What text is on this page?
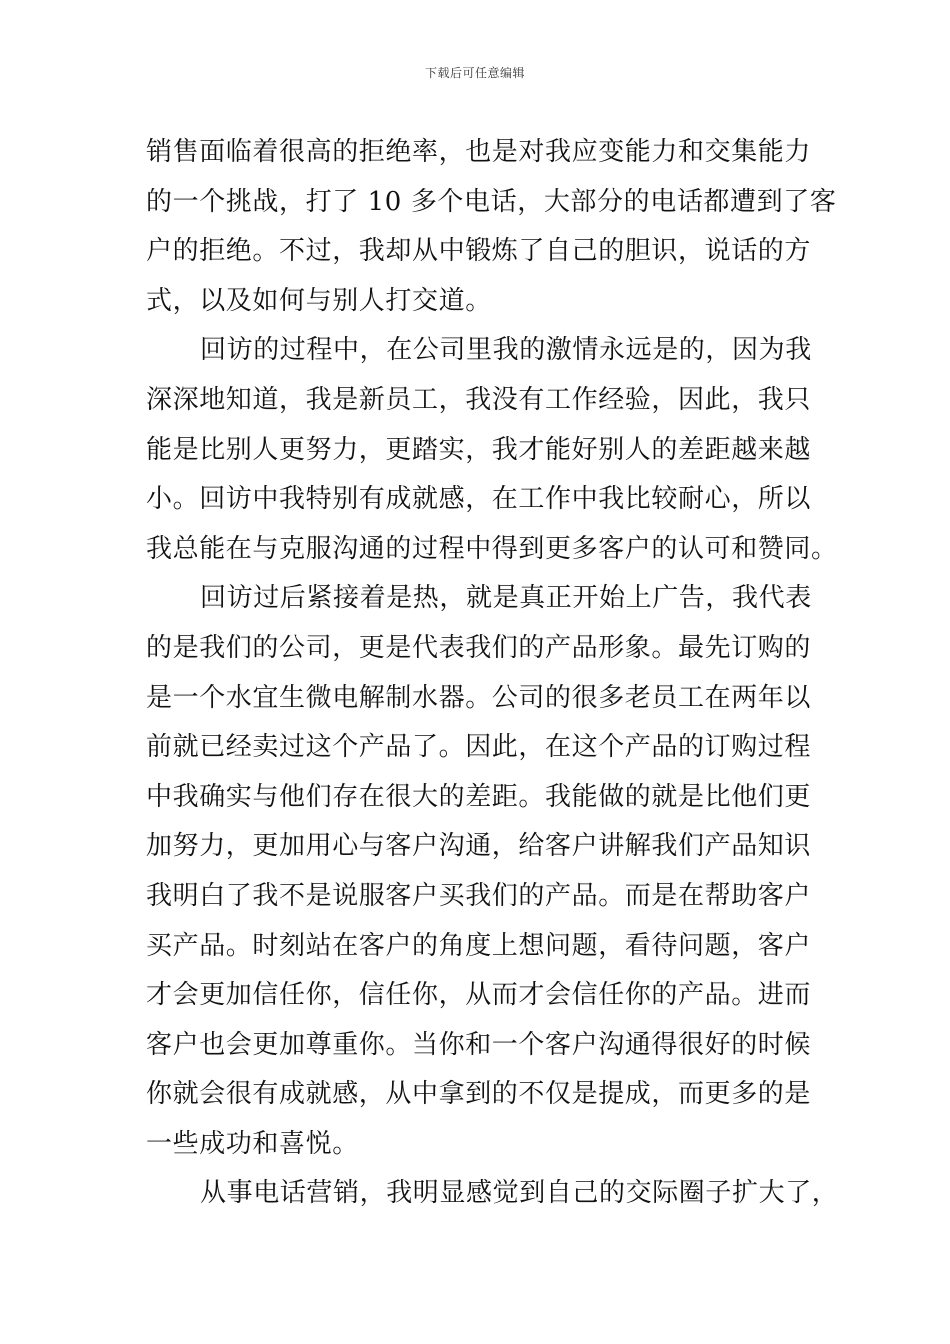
下载后可任意编辑
销售面临着很高的拒绝率，也是对我应变能力和交集能力
的一个挑战，打了 10 多个电话，大部分的电话都遭到了客
户的拒绝。不过，我却从中锻炼了自己的胆识，说话的方
式，以及如何与别人打交道。
回访的过程中，在公司里我的激情永远是的，因为我
深深地知道，我是新员工，我没有工作经验，因此，我只
能是比别人更努力，更踏实，我才能好别人的差距越来越
小。回访中我特别有成就感，在工作中我比较耐心，所以
我总能在与克服沟通的过程中得到更多客户的认可和赞同。
回访过后紧接着是热，就是真正开始上广告，我代表
的是我们的公司，更是代表我们的产品形象。最先订购的
是一个水宜生微电解制水器。公司的很多老员工在两年以
前就已经卖过这个产品了。因此，在这个产品的订购过程
中我确实与他们存在很大的差距。我能做的就是比他们更
加努力，更加用心与客户沟通，给客户讲解我们产品知识
我明白了我不是说服客户买我们的产品。而是在帮助客户
买产品。时刻站在客户的角度上想问题，看待问题，客户
才会更加信任你，信任你，从而才会信任你的产品。进而
客户也会更加尊重你。当你和一个客户沟通得很好的时候
你就会很有成就感，从中拿到的不仅是提成，而更多的是
一些成功和喜悦。
从事电话营销，我明显感觉到自己的交际圈子扩大了，
